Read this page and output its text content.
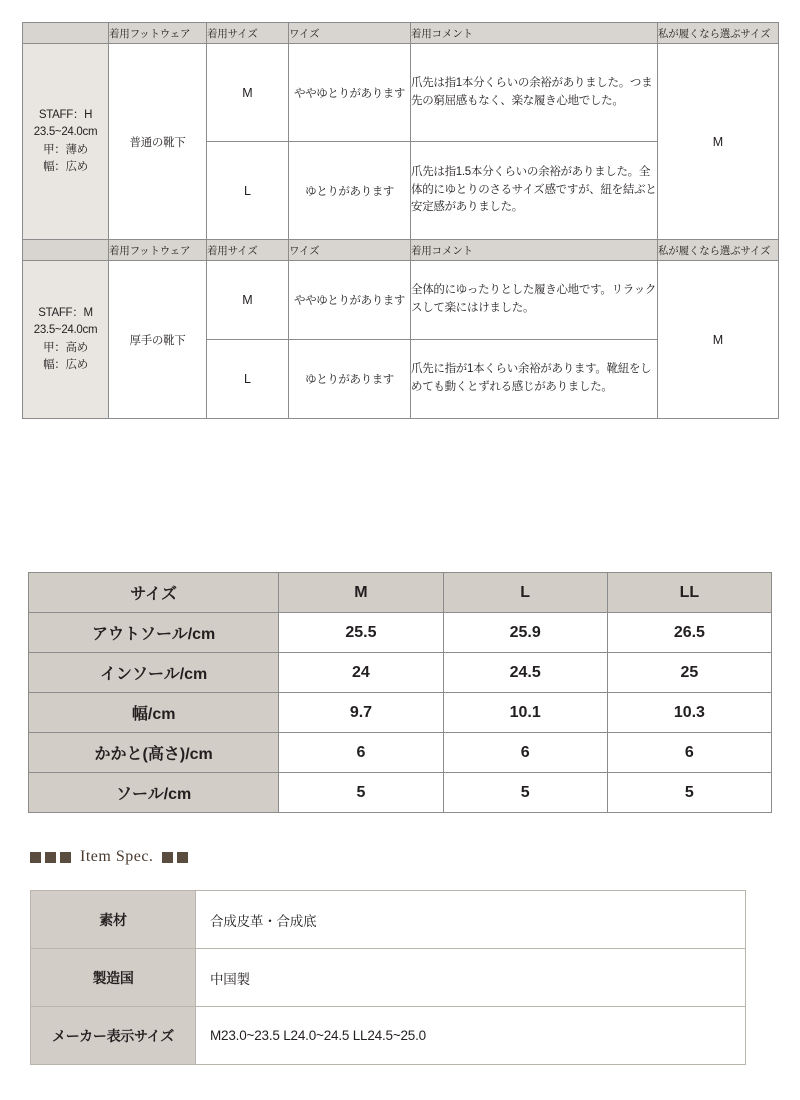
	着用フットウェア	着用サイズ	ワイズ	着用コメント	私が履くなら選ぶサイズ

STAFF：H
23.5~24.0cm
甲：薄め
幅：広め	普通の靴下	M	ややゆとりがあります	爪先は指1本分くらいの余裕がありました。つま先の窮屈感もなく、楽な履き心地でした。	M
		L	ゆとりがあります	爪先は指1.5本分くらいの余裕がありました。全体的にゆとりのさるサイズ感ですが、紐を結ぶと安定感がありました。	
	着用フットウェア	着用サイズ	ワイズ	着用コメント	私が履くなら選ぶサイズ

STAFF：M
23.5~24.0cm
甲：高め
幅：広め	厚手の靴下	M	ややゆとりがあります	全体的にゆったりとした履き心地です。リラックスして楽にはけました。	M
		L	ゆとりがあります	爪先に指が1本くらい余裕があります。靴紐をしめても動くとずれる感じがありました。	
サイズ	M	L	LL
アウトソール/cm	25.5	25.9	26.5
インソール/cm	24	24.5	25
幅/cm	9.7	10.1	10.3
かかと(高さ)/cm	6	6	6
ソール/cm	5	5	5
Item Spec.
素材	合成皮革・合成底
製造国	中国製
メーカー表示サイズ	M23.0~23.5 L24.0~24.5 LL24.5~25.0
